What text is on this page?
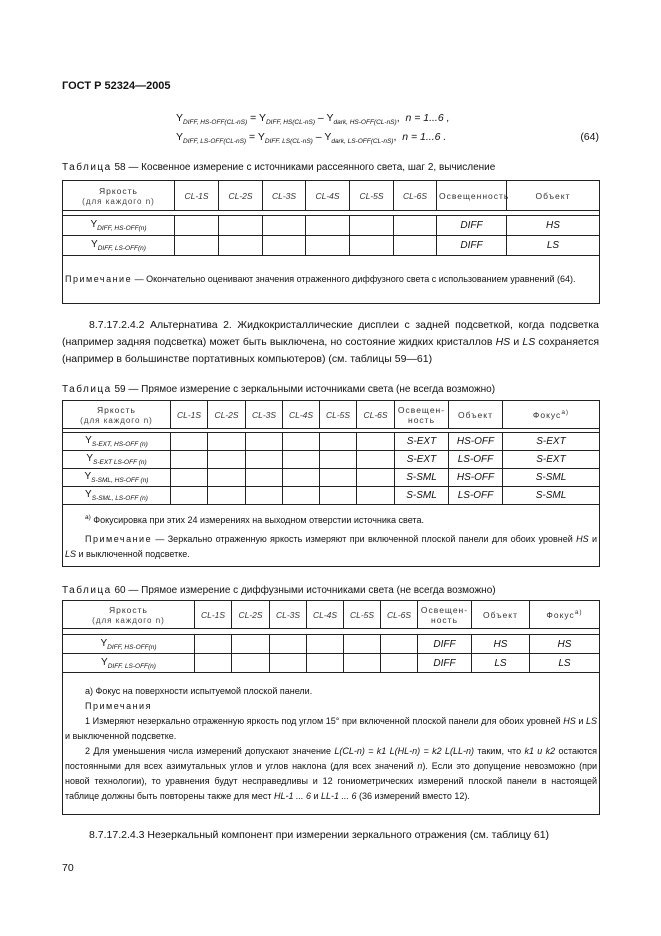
ГОСТ Р 52324—2005
$Y_{DIFF, HS-OFF(CL-nS)} = Y_{DIFF, HS(CL-nS)} - Y_{dark, HS-OFF(CL-nS)}$,  n = 1...6 ,
$Y_{DIFF, LS-OFF(CL-nS)} = Y_{DIFF. LS(CL-nS)} - Y_{dark, LS-OFF(CL-nS)}$,  n = 1...6 .	(64)
Таблица 58 — Косвенное измерение с источниками рассеянного света, шаг 2, вычисление
Яркость
(для каждого n)	CL-1S	CL-2S	CL-3S	CL-4S	CL-5S	CL-6S	Освещенность	Объект

$Y_{DIFF, HS-OFF(n)}$							DIFF	HS
$Y_{DIFF, LS-OFF(n)}$							DIFF	LS
Примечание — Окончательно оценивают значения отраженного диффузного света с использованием уравнений (64).								
8.7.17.2.4.2 Альтернатива 2. Жидкокристаллические дисплеи с задней подсветкой, когда подсветка (например задняя подсветка) может быть выключена, но состояние жидких кристаллов HS и LS сохраняется (например в большинстве портативных компьютеров) (см. таблицы 59—61)
Таблица 59 — Прямое измерение с зеркальными источниками света (не всегда возможно)
Яркость
(для каждого n)	CL-1S	CL-2S	CL-3S	CL-4S	CL-5S	CL-6S	Освещен-
ность	Объект	Фокус$^{a)}$

$Y_{S-EXT, HS-OFF (n)}$							S-EXT	HS-OFF	S-EXT
$Y_{S-EXT LS-OFF (n)}$							S-EXT	LS-OFF	S-EXT
$Y_{S-SML, HS-OFF (n)}$							S-SML	HS-OFF	S-SML
$Y_{S-SML, LS-OFF (n)}$							S-SML	LS-OFF	S-SML

$^{a)}$ Фокусировка при этих 24 измерениях на выходном отверстии источника света.
Примечание — Зеркально отраженную яркость измеряют при включенной плоской панели для обоих уровней HS и LS и выключенной подсветке.									
Таблица 60 — Прямое измерение с диффузными источниками света (не всегда возможно)
Яркость
(для каждого n)	CL-1S	CL-2S	CL-3S	CL-4S	CL-5S	CL-6S	Освещен-
ность	Объект	Фокус$^{a)}$

$Y_{DIFF, HS-OFF(n)}$							DIFF	HS	HS
$Y_{DIFF. LS-OFF(n)}$							DIFF	LS	LS

а) Фокус на поверхности испытуемой плоской панели.
Примечания
1 Измеряют незеркально отраженную яркость под углом 15° при включенной плоской панели для обоих уровней HS и LS и выключенной подсветке.
2 Для уменьшения числа измерений допускают значение L(CL-n) = k1 L(HL-n) = k2 L(LL-n) таким, что k1 и k2 остаются постоянными для всех азимутальных углов и углов наклона (для всех значений n). Если это допущение невозможно (при новой технологии), то уравнения будут несправедливы и 12 гониометрических измерений плоской панели в настоящей таблице должны быть повторены также для мест HL-1 ... 6 и LL-1 ... 6 (36 измерений вместо 12).									
8.7.17.2.4.3 Незеркальный компонент при измерении зеркального отражения (см. таблицу 61)
70
